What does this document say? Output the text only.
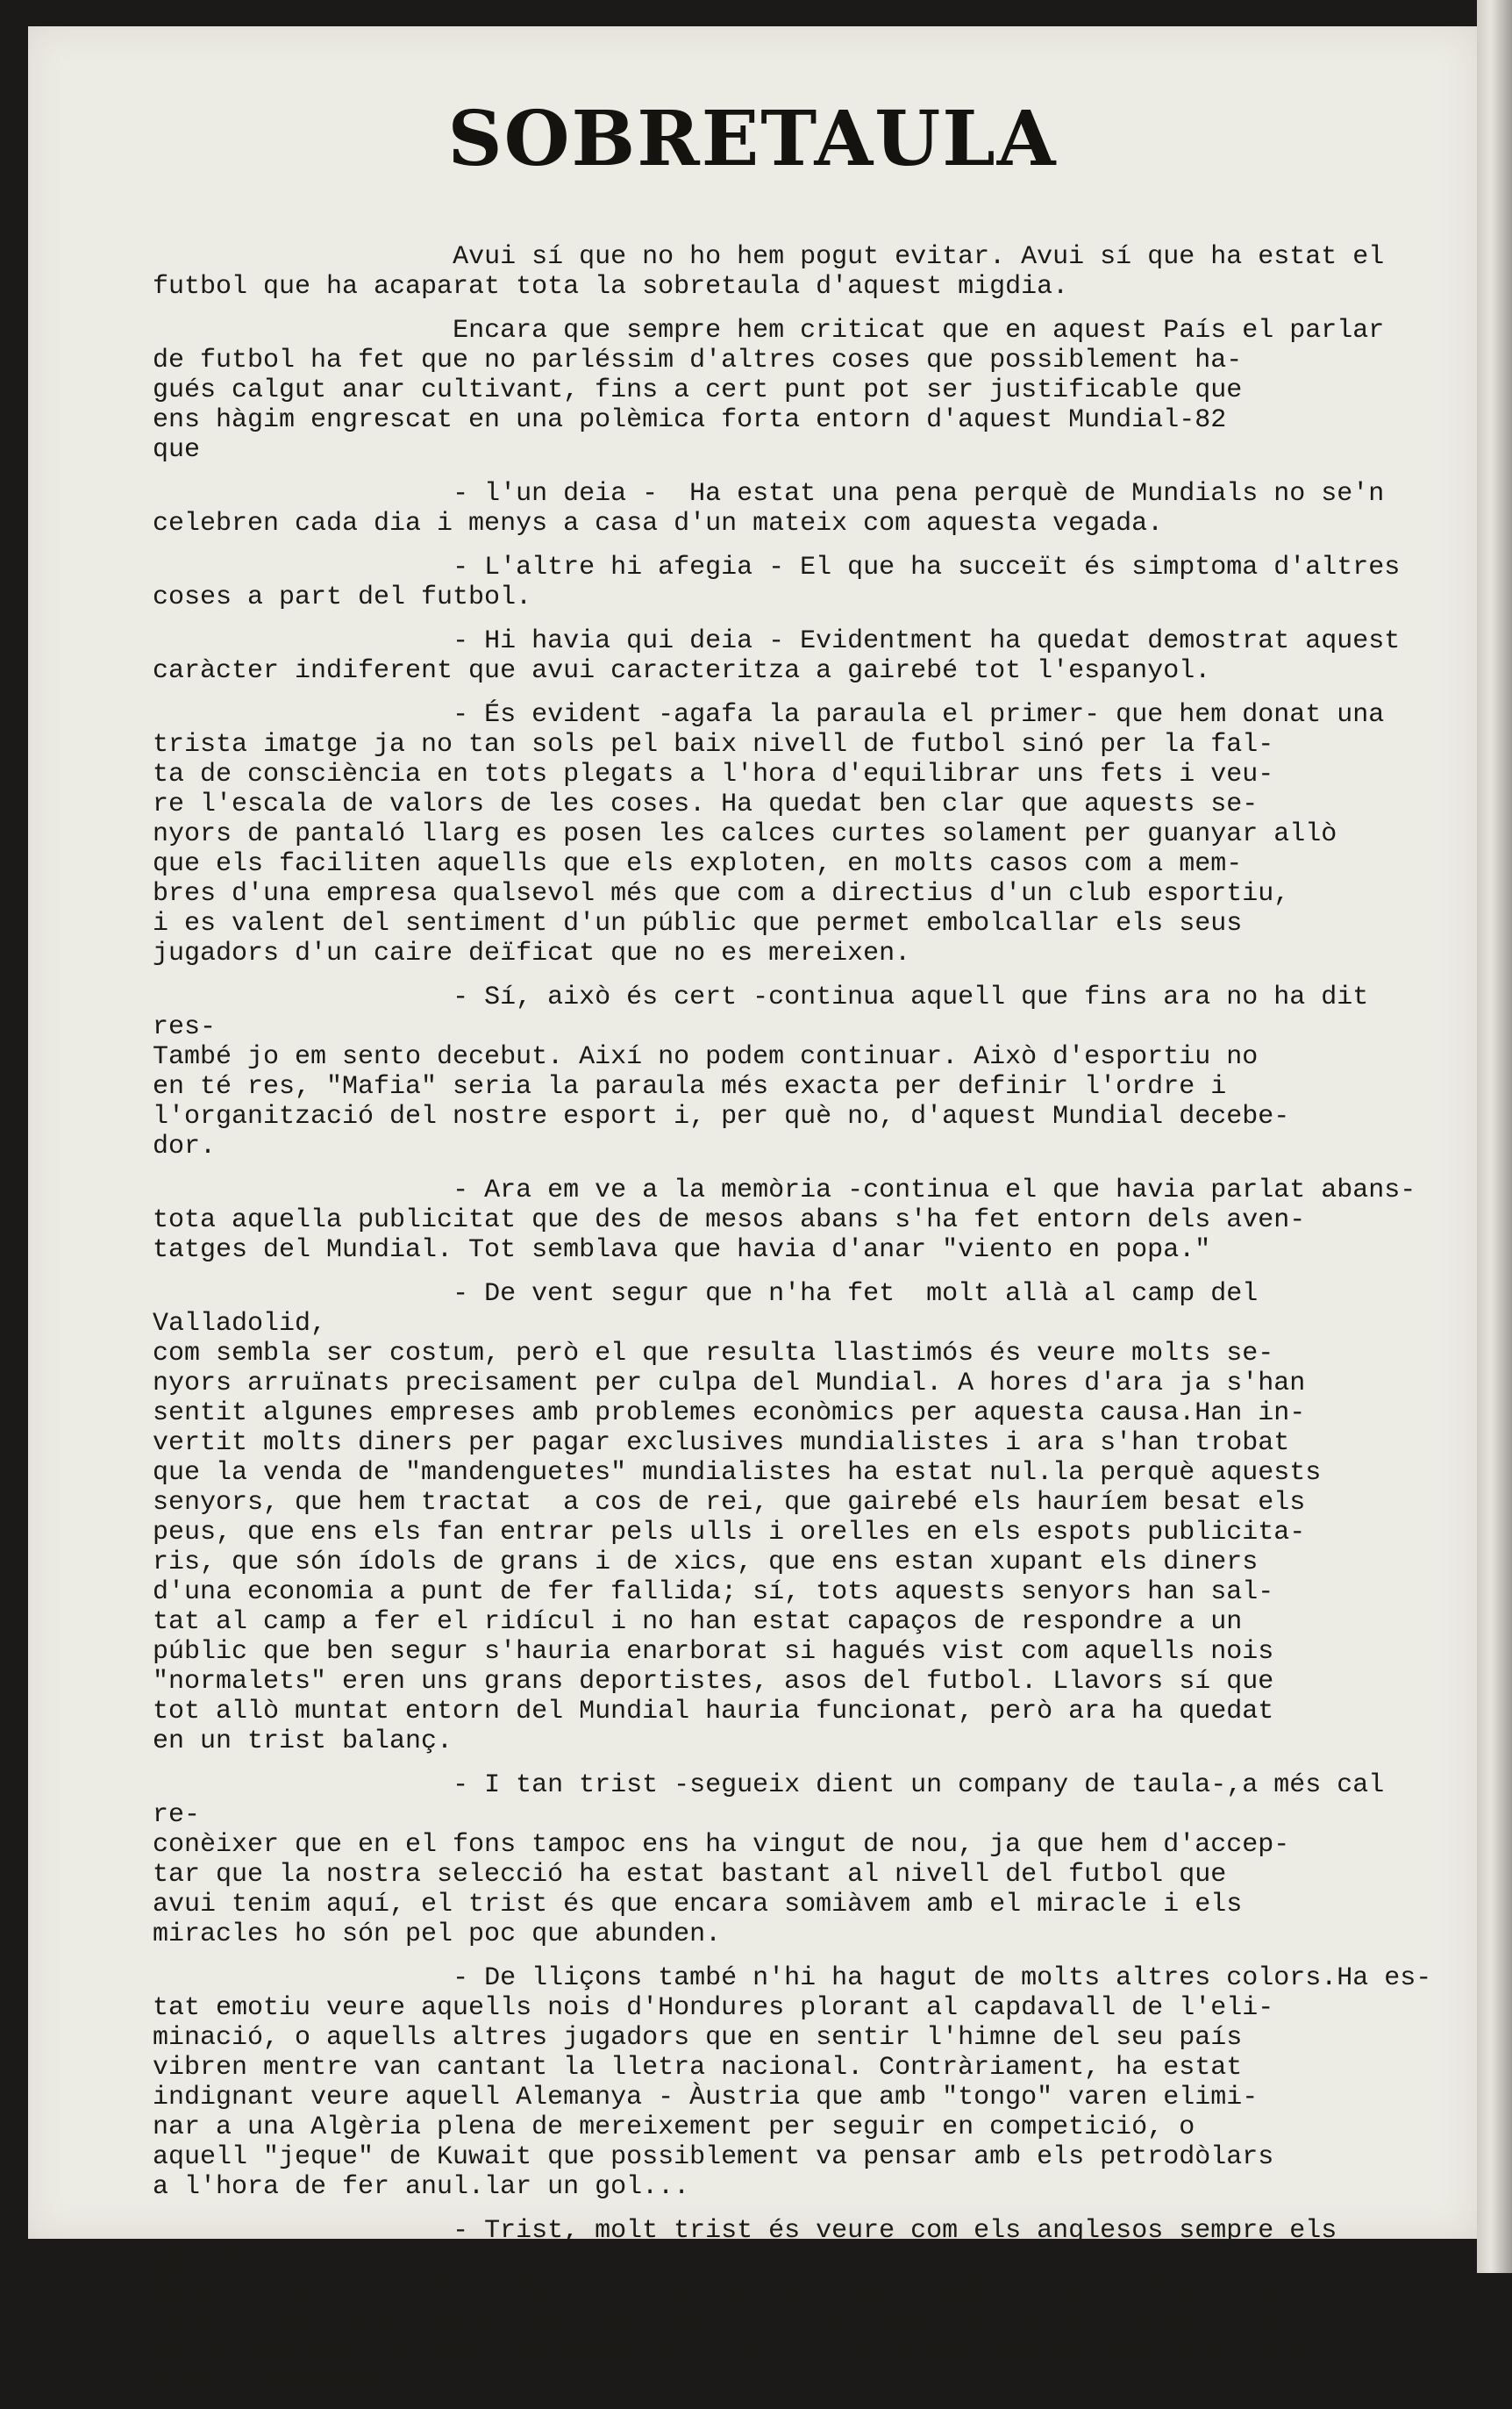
SOBRETAULA

Avui sí que no ho hem pogut evitar. Avui sí que ha estat el
futbol que ha acaparat tota la sobretaula d'aquest migdia.

Encara que sempre hem criticat que en aquest País el parlar
de futbol ha fet que no parléssim d'altres coses que possiblement ha-
gués calgut anar cultivant, fins a cert punt pot ser justificable que
ens hàgim engrescat en una polèmica forta entorn d'aquest Mundial-82
que

- l'un deia -  Ha estat una pena perquè de Mundials no se'n
celebren cada dia i menys a casa d'un mateix com aquesta vegada.

- L'altre hi afegia - El que ha succeït és simptoma d'altres
coses a part del futbol.

- Hi havia qui deia - Evidentment ha quedat demostrat aquest
caràcter indiferent que avui caracteritza a gairebé tot l'espanyol.

- És evident -agafa la paraula el primer- que hem donat una
trista imatge ja no tan sols pel baix nivell de futbol sinó per la fal-
ta de consciència en tots plegats a l'hora d'equilibrar uns fets i veu-
re l'escala de valors de les coses. Ha quedat ben clar que aquests se-
nyors de pantaló llarg es posen les calces curtes solament per guanyar allò
que els faciliten aquells que els exploten, en molts casos com a mem-
bres d'una empresa qualsevol més que com a directius d'un club esportiu,
i es valent del sentiment d'un públic que permet embolcallar els seus
jugadors d'un caire deïficat que no es mereixen.

- Sí, això és cert -continua aquell que fins ara no ha dit res-
També jo em sento decebut. Així no podem continuar. Això d'esportiu no
en té res, "Mafia" seria la paraula més exacta per definir l'ordre i
l'organització del nostre esport i, per què no, d'aquest Mundial decebe-
dor.

- Ara em ve a la memòria -continua el que havia parlat abans-
tota aquella publicitat que des de mesos abans s'ha fet entorn dels aven-
tatges del Mundial. Tot semblava que havia d'anar "viento en popa."

- De vent segur que n'ha fet  molt allà al camp del Valladolid,
com sembla ser costum, però el que resulta llastimós és veure molts se-
nyors arruïnats precisament per culpa del Mundial. A hores d'ara ja s'han
sentit algunes empreses amb problemes econòmics per aquesta causa.Han in-
vertit molts diners per pagar exclusives mundialistes i ara s'han trobat
que la venda de "mandenguetes" mundialistes ha estat nul.la perquè aquests
senyors, que hem tractat  a cos de rei, que gairebé els hauríem besat els
peus, que ens els fan entrar pels ulls i orelles en els espots publicita-
ris, que són ídols de grans i de xics, que ens estan xupant els diners
d'una economia a punt de fer fallida; sí, tots aquests senyors han sal-
tat al camp a fer el ridícul i no han estat capaços de respondre a un
públic que ben segur s'hauria enarborat si hagués vist com aquells nois
"normalets" eren uns grans deportistes, asos del futbol. Llavors sí que
tot allò muntat entorn del Mundial hauria funcionat, però ara ha quedat
en un trist balanç.

- I tan trist -segueix dient un company de taula-,a més cal re-
conèixer que en el fons tampoc ens ha vingut de nou, ja que hem d'accep-
tar que la nostra selecció ha estat bastant al nivell del futbol que
avui tenim aquí, el trist és que encara somiàvem amb el miracle i els
miracles ho són pel poc que abunden.

- De lliçons també n'hi ha hagut de molts altres colors.Ha es-
tat emotiu veure aquells nois d'Hondures plorant al capdavall de l'eli-
minació, o aquells altres jugadors que en sentir l'himne del seu país
vibren mentre van cantant la lletra nacional. Contràriament, ha estat
indignant veure aquell Alemanya - Àustria que amb "tongo" varen elimi-
nar a una Algèria plena de mereixement per seguir en competició, o
aquell "jeque" de Kuwait que possiblement va pensar amb els petrodòlars
a l'hora de fer anul.lar un gol...

- Trist, molt trist és veure com els anglesos sempre els agrada
donar la nota a l'hora de fer celebracions. Aquí també s'han inflat d'al-
cohol, han xafat taules de llocs públics, ha hagut de córrer la policia,
no sé que han fet amb una bandera... En fi, un drama anglès com tants d'al-
tres últimament.
